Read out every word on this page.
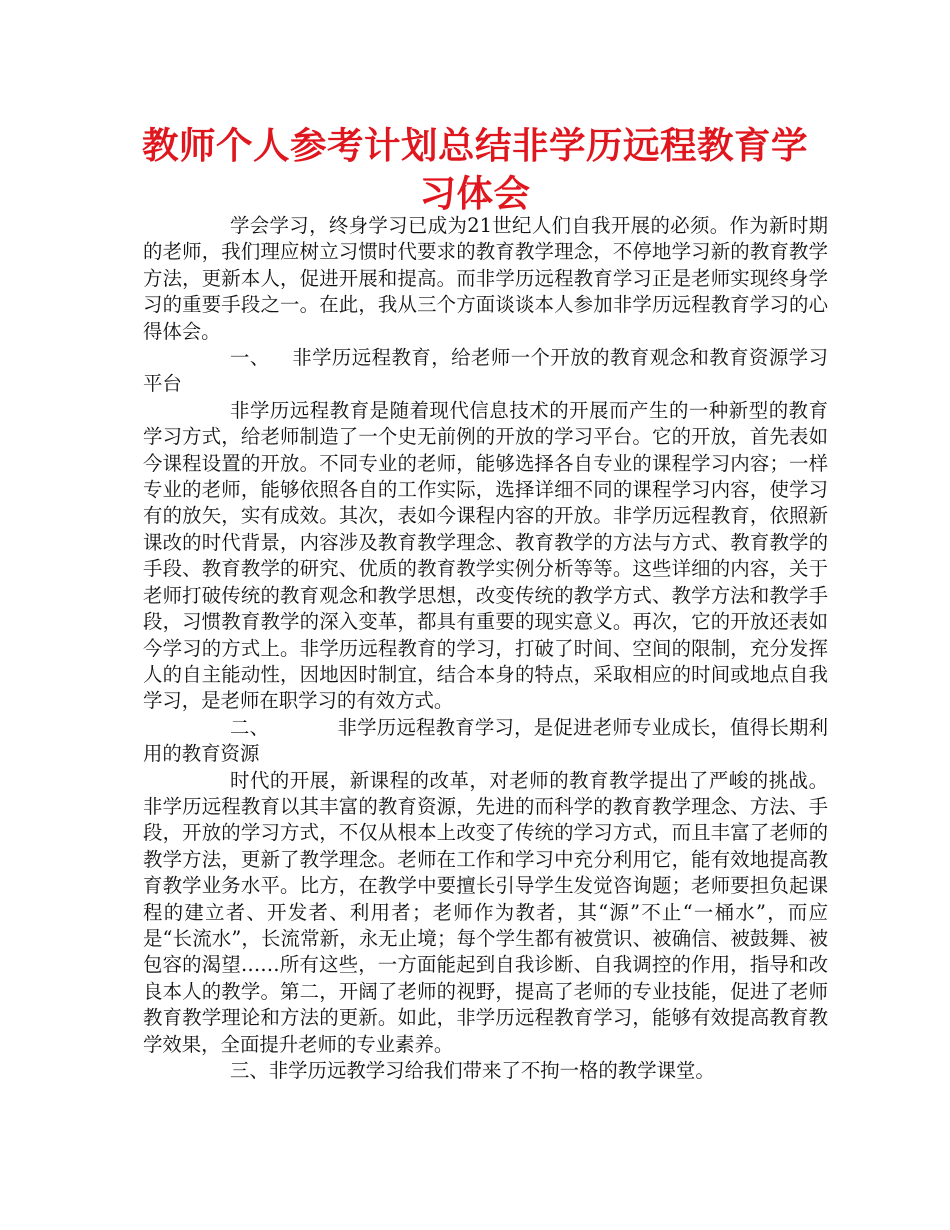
教师个人参考计划总结非学历远程教育学习体会

学会学习，终身学习已成为21世纪人们自我开展的必须。作为新时期的老师，我们理应树立习惯时代要求的教育教学理念，不停地学习新的教育教学方法，更新本人，促进开展和提高。而非学历远程教育学习正是老师实现终身学习的重要手段之一。在此，我从三个方面谈谈本人参加非学历远程教育学习的心得体会。

一、 非学历远程教育，给老师一个开放的教育观念和教育资源学习平台

非学历远程教育是随着现代信息技术的开展而产生的一种新型的教育学习方式，给老师制造了一个史无前例的开放的学习平台。它的开放，首先表如今课程设置的开放。不同专业的老师，能够选择各自专业的课程学习内容；一样专业的老师，能够依照各自的工作实际，选择详细不同的课程学习内容，使学习有的放矢，实有成效。其次，表如今课程内容的开放。非学历远程教育，依照新课改的时代背景，内容涉及教育教学理念、教育教学的方法与方式、教育教学的手段、教育教学的研究、优质的教育教学实例分析等等。这些详细的内容，关于老师打破传统的教育观念和教学思想，改变传统的教学方式、教学方法和教学手段，习惯教育教学的深入变革，都具有重要的现实意义。再次，它的开放还表如今学习的方式上。非学历远程教育的学习，打破了时间、空间的限制，充分发挥人的自主能动性，因地因时制宜，结合本身的特点，采取相应的时间或地点自我学习，是老师在职学习的有效方式。

二、	非学历远程教育学习，是促进老师专业成长，值得长期利用的教育资源

时代的开展，新课程的改革，对老师的教育教学提出了严峻的挑战。非学历远程教育以其丰富的教育资源，先进的而科学的教育教学理念、方法、手段，开放的学习方式，不仅从根本上改变了传统的学习方式，而且丰富了老师的教学方法，更新了教学理念。老师在工作和学习中充分利用它，能有效地提高教育教学业务水平。比方，在教学中要擅长引导学生发觉咨询题；老师要担负起课程的建立者、开发者、利用者；老师作为教者，其“源”不止“一桶水”，而应是“长流水”，长流常新，永无止境；每个学生都有被赏识、被确信、被鼓舞、被包容的渴望……所有这些，一方面能起到自我诊断、自我调控的作用，指导和改良本人的教学。第二，开阔了老师的视野，提高了老师的专业技能，促进了老师教育教学理论和方法的更新。如此，非学历远程教育学习，能够有效提高教育教学效果，全面提升老师的专业素养。

三、非学历远教学习给我们带来了不拘一格的教学课堂。
